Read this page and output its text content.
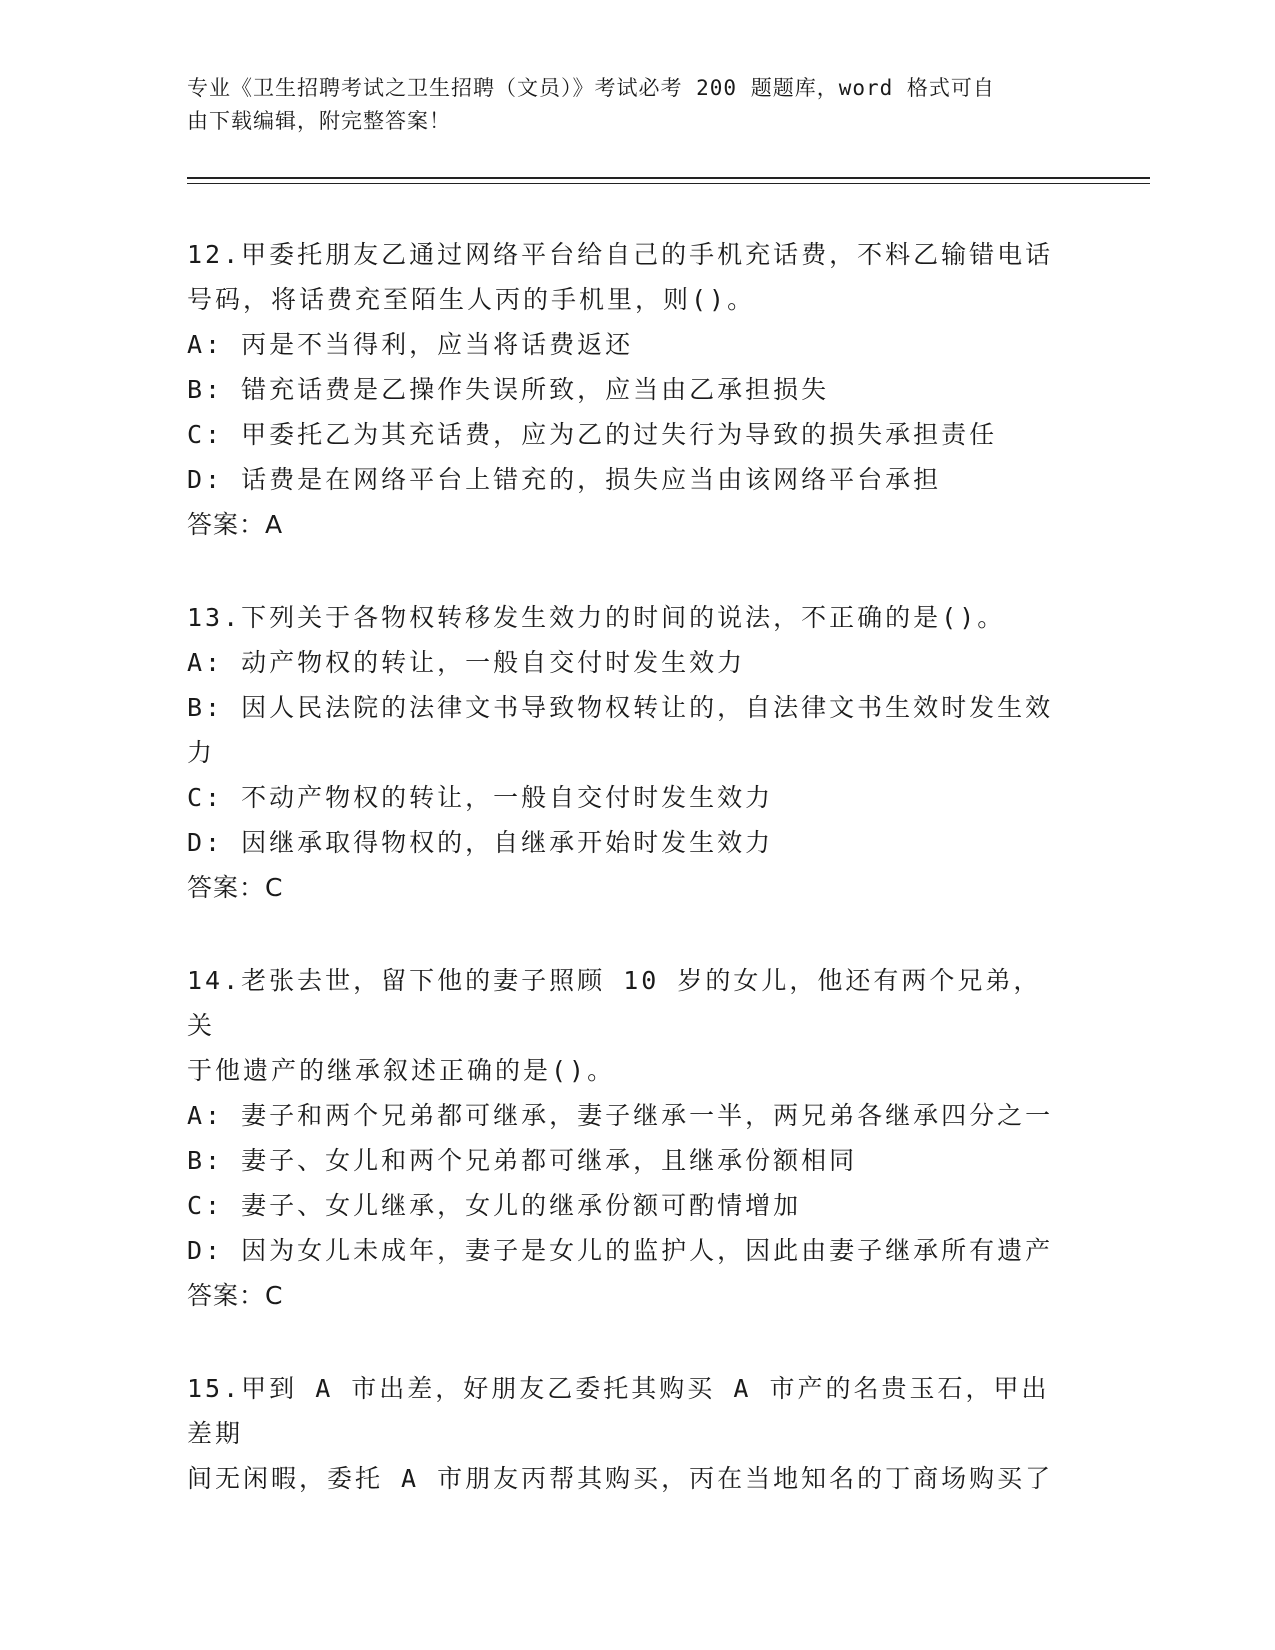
专业《卫生招聘考试之卫生招聘（文员）》考试必考 200 题题库，word 格式可自
由下载编辑，附完整答案！
12.甲委托朋友乙通过网络平台给自己的手机充话费，不料乙输错电话
号码，将话费充至陌生人丙的手机里，则()。
A: 丙是不当得利，应当将话费返还
B: 错充话费是乙操作失误所致，应当由乙承担损失
C: 甲委托乙为其充话费，应为乙的过失行为导致的损失承担责任
D: 话费是在网络平台上错充的，损失应当由该网络平台承担
答案：A
13.下列关于各物权转移发生效力的时间的说法，不正确的是()。
A: 动产物权的转让，一般自交付时发生效力
B: 因人民法院的法律文书导致物权转让的，自法律文书生效时发生效
力
C: 不动产物权的转让，一般自交付时发生效力
D: 因继承取得物权的，自继承开始时发生效力
答案：C
14.老张去世，留下他的妻子照顾 10 岁的女儿，他还有两个兄弟，关
于他遗产的继承叙述正确的是()。
A: 妻子和两个兄弟都可继承，妻子继承一半，两兄弟各继承四分之一
B: 妻子、女儿和两个兄弟都可继承，且继承份额相同
C: 妻子、女儿继承，女儿的继承份额可酌情增加
D: 因为女儿未成年，妻子是女儿的监护人，因此由妻子继承所有遗产
答案：C
15.甲到 A 市出差，好朋友乙委托其购买 A 市产的名贵玉石，甲出差期
间无闲暇，委托 A 市朋友丙帮其购买，丙在当地知名的丁商场购买了
